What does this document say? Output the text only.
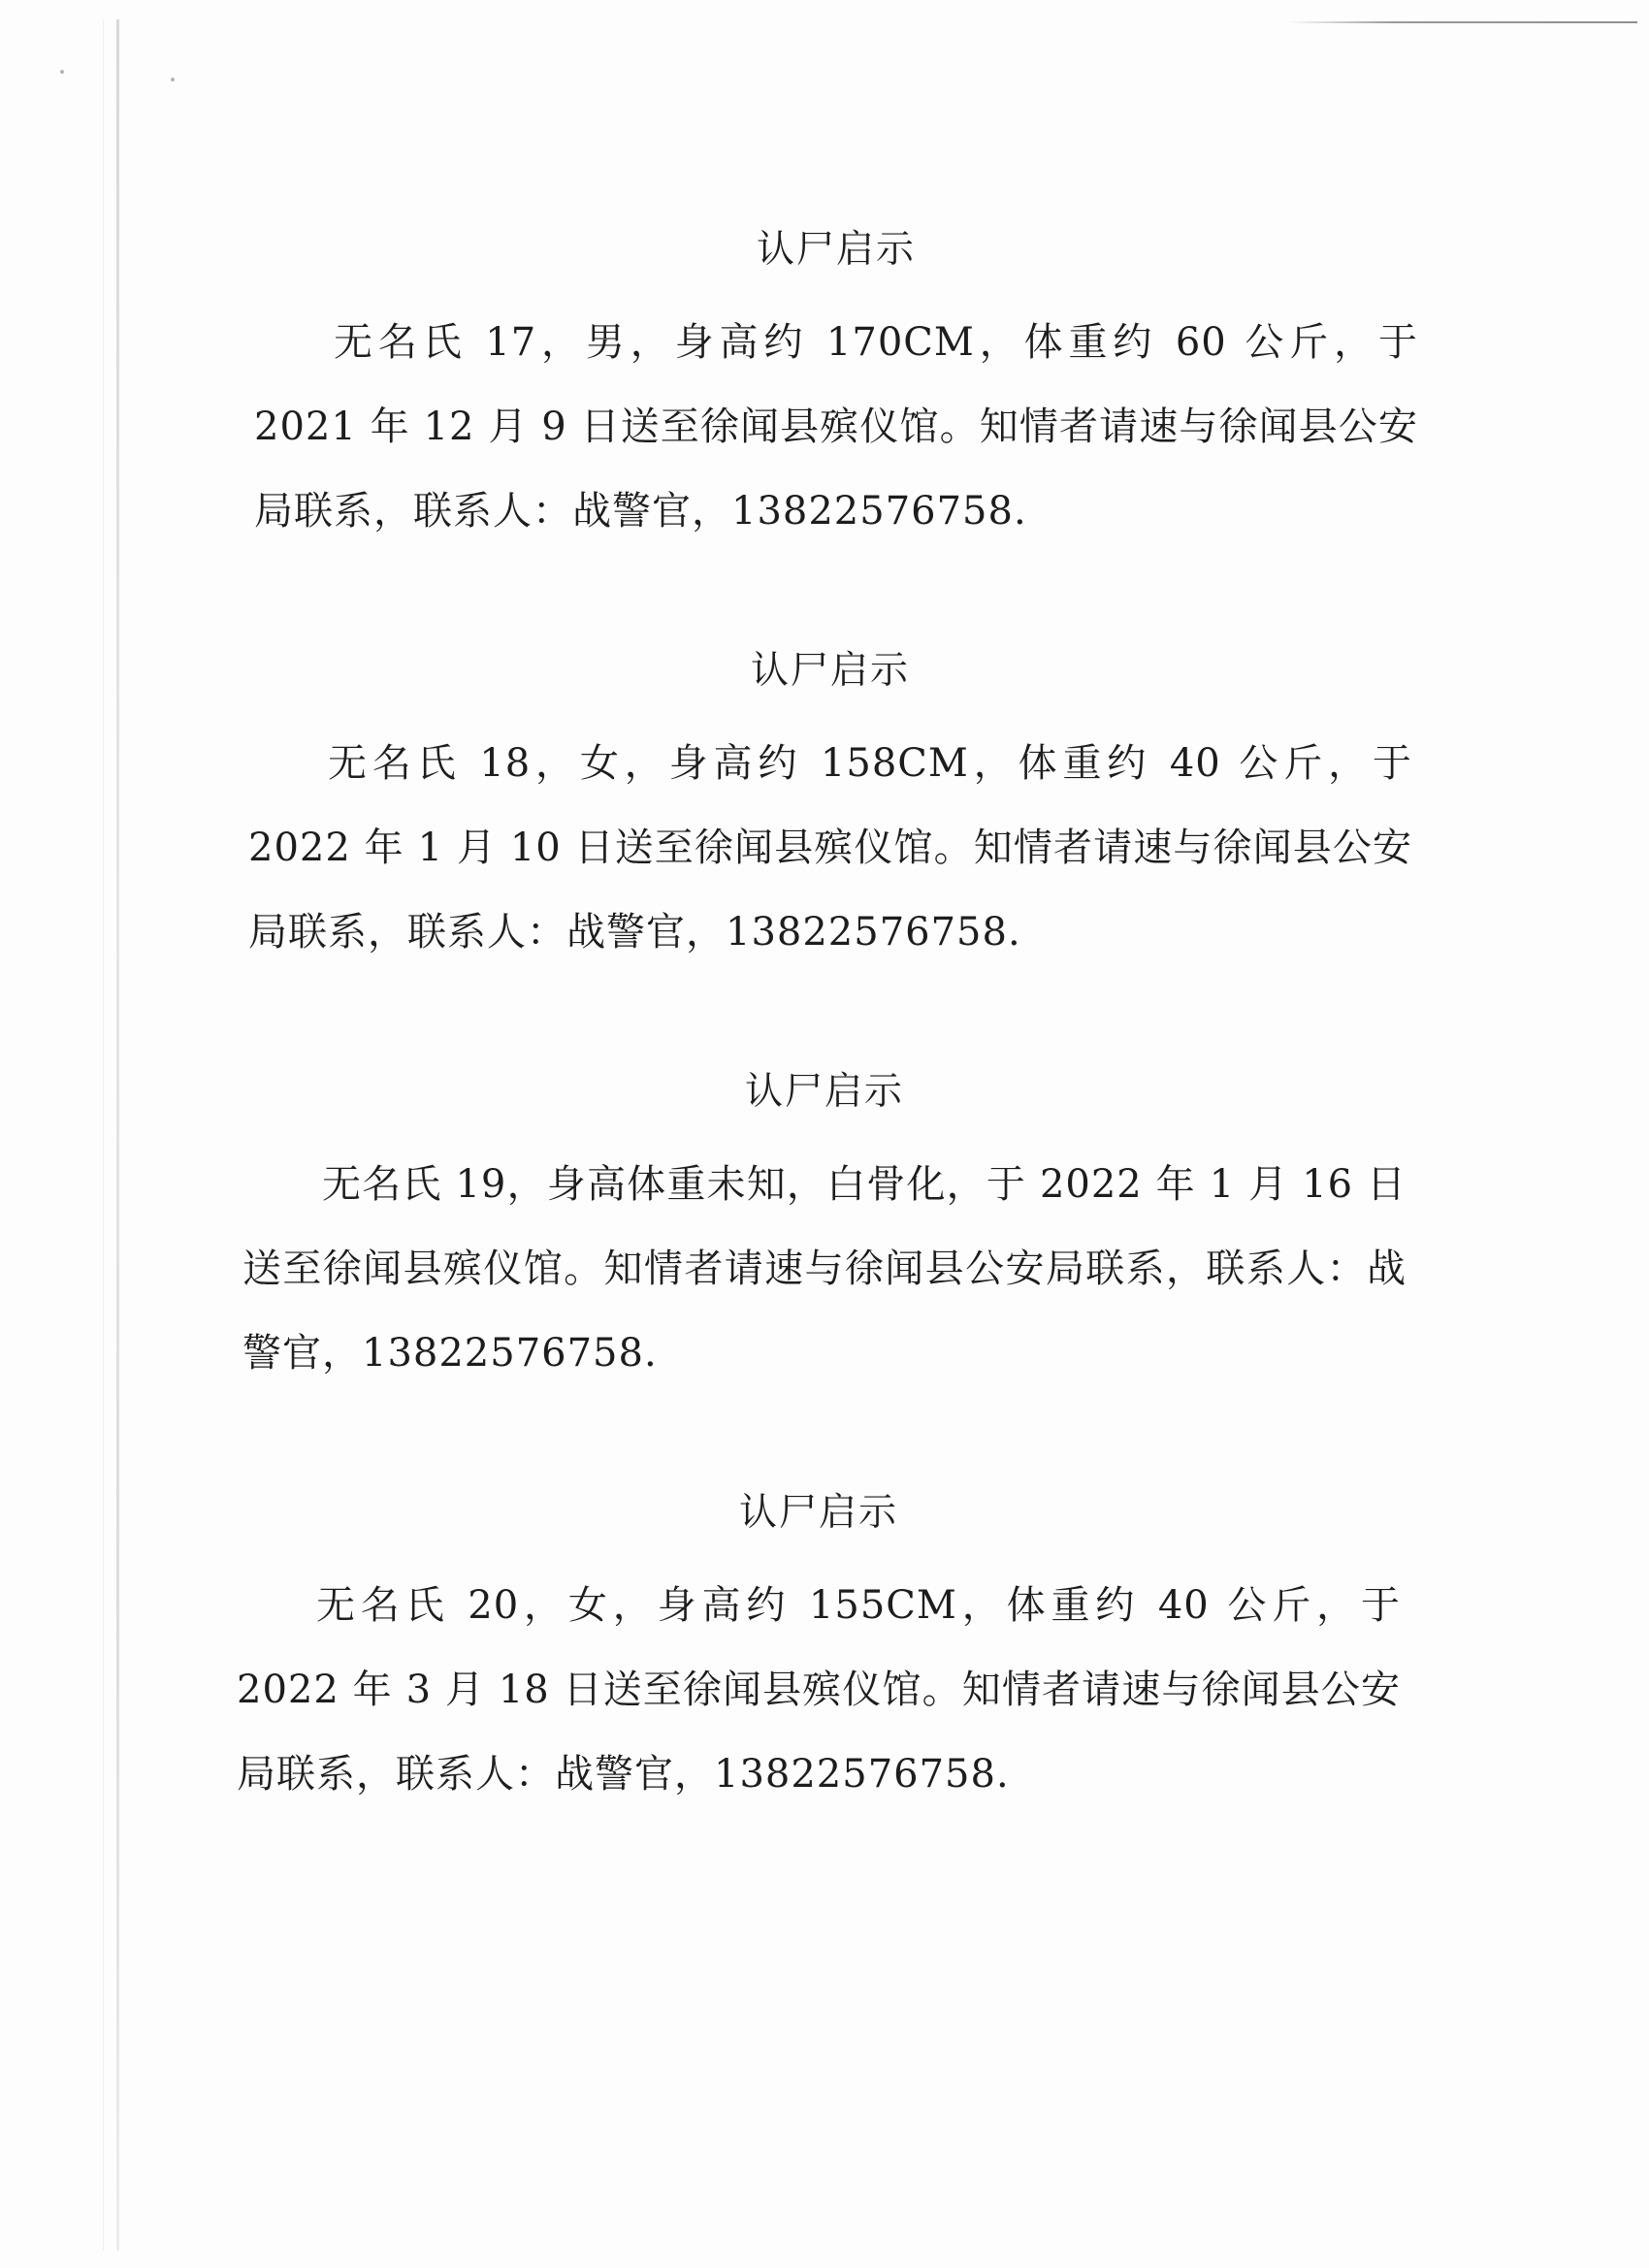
认尸启示

无名氏 17，男，身高约 170CM，体重约 60 公斤，于 2021 年 12 月 9 日送至徐闻县殡仪馆。知情者请速与徐闻县公安局联系，联系人：战警官，13822576758.

认尸启示

无名氏 18，女，身高约 158CM，体重约 40 公斤，于 2022 年 1 月 10 日送至徐闻县殡仪馆。知情者请速与徐闻县公安局联系，联系人：战警官，13822576758.

认尸启示

无名氏 19，身高体重未知，白骨化，于 2022 年 1 月 16 日送至徐闻县殡仪馆。知情者请速与徐闻县公安局联系，联系人：战警官，13822576758.

认尸启示

无名氏 20，女，身高约 155CM，体重约 40 公斤，于 2022 年 3 月 18 日送至徐闻县殡仪馆。知情者请速与徐闻县公安局联系，联系人：战警官，13822576758.
